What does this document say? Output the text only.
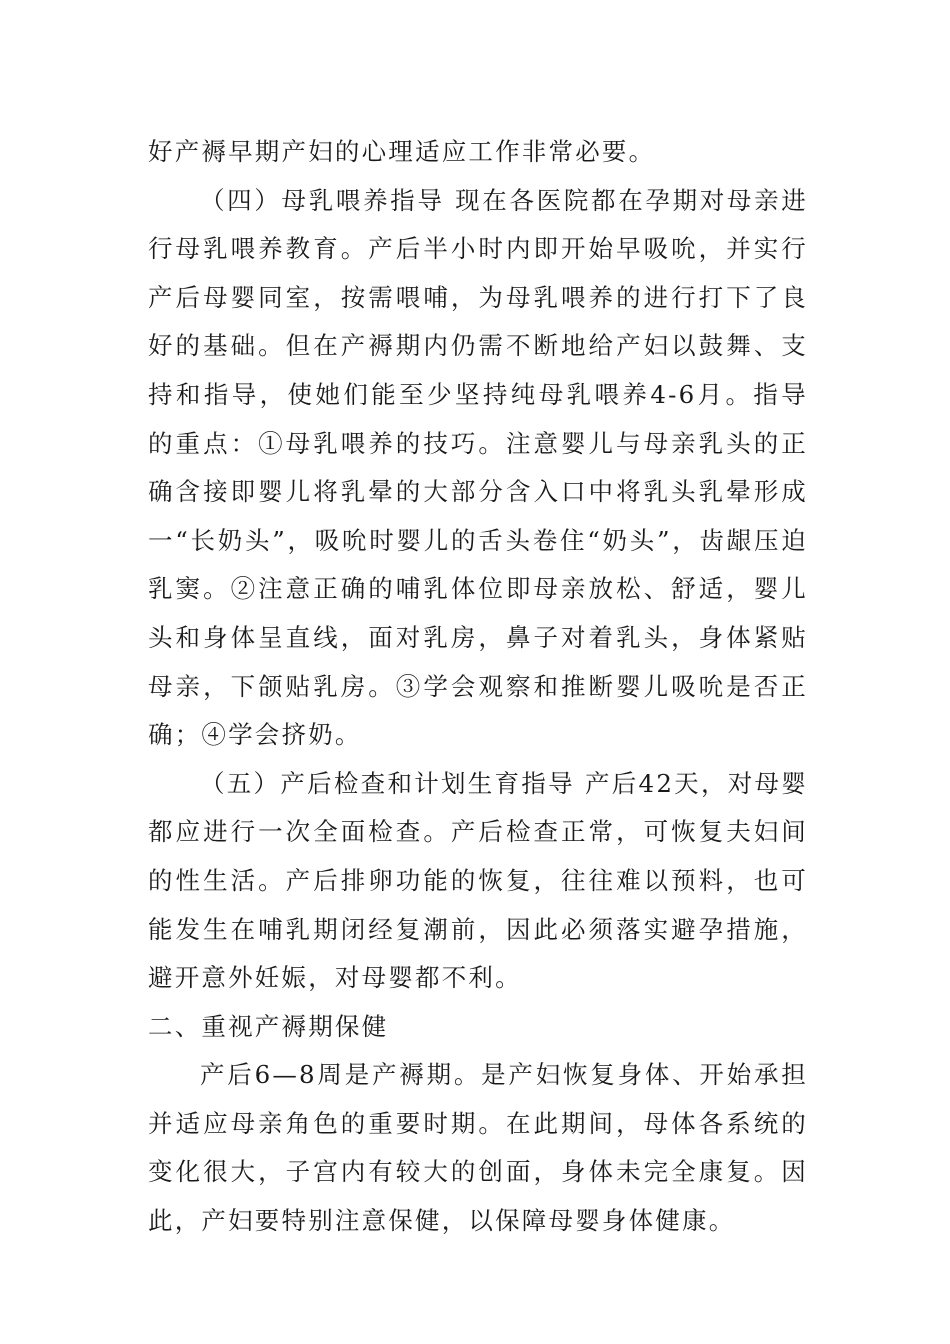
好产褥早期产妇的心理适应工作非常必要。

（四）母乳喂养指导 现在各医院都在孕期对母亲进行母乳喂养教育。产后半小时内即开始早吸吮，并实行产后母婴同室，按需喂哺，为母乳喂养的进行打下了良好的基础。但在产褥期内仍需不断地给产妇以鼓舞、支持和指导，使她们能至少坚持纯母乳喂养4-6月。指导的重点：①母乳喂养的技巧。注意婴儿与母亲乳头的正确含接即婴儿将乳晕的大部分含入口中将乳头乳晕形成一“长奶头”，吸吮时婴儿的舌头卷住“奶头”，齿龈压迫乳窦。②注意正确的哺乳体位即母亲放松、舒适，婴儿头和身体呈直线，面对乳房，鼻子对着乳头，身体紧贴母亲，下颌贴乳房。③学会观察和推断婴儿吸吮是否正确；④学会挤奶。

（五）产后检查和计划生育指导 产后42天，对母婴都应进行一次全面检查。产后检查正常，可恢复夫妇间的性生活。产后排卵功能的恢复，往往难以预料，也可能发生在哺乳期闭经复潮前，因此必须落实避孕措施，避开意外妊娠，对母婴都不利。

二、重视产褥期保健

产后6—8周是产褥期。是产妇恢复身体、开始承担并适应母亲角色的重要时期。在此期间，母体各系统的变化很大，子宫内有较大的创面，身体未完全康复。因此，产妇要特别注意保健，以保障母婴身体健康。
